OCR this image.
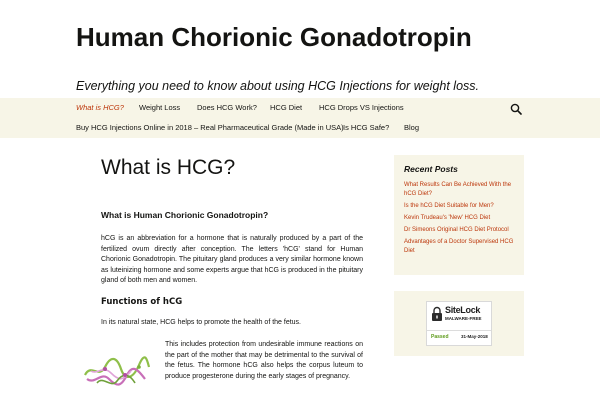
Human Chorionic Gonadotropin

Everything you need to know about using HCG Injections for weight loss.

What is HCG? Weight Loss Does HCG Work? HCG Diet HCG Drops VS Injections
Buy HCG Injections Online in 2018 – Real Pharmaceutical Grade (Made in USA) Is HCG Safe? Blog
What is HCG?
What is Human Chorionic Gonadotropin?

hCG is an abbreviation for a hormone that is naturally produced by a part of the fertilized ovum directly after conception. The letters 'hCG' stand for Human Chorionic Gonadotropin. The pituitary gland produces a very similar hormone known as luteinizing hormone and some experts argue that hCG is produced in the pituitary gland of both men and women.

Functions of hCG

In its natural state, HCG helps to promote the health of the fetus.

This includes protection from undesirable immune reactions on the part of the mother that may be detrimental to the survival of the fetus. The hormone hCG also helps the corpus luteum to produce progesterone during the early stages of pregnancy.

Recent Posts
What Results Can Be Achieved With the hCG Diet?
Is the hCG Diet Suitable for Men?
Kevin Trudeau's 'New' HCG Diet
Dr Simeons Original HCG Diet Protocol
Advantages of a Doctor Supervised HCG Diet
SiteLock
MALWARE-FREE
Passed	31-May-2018
